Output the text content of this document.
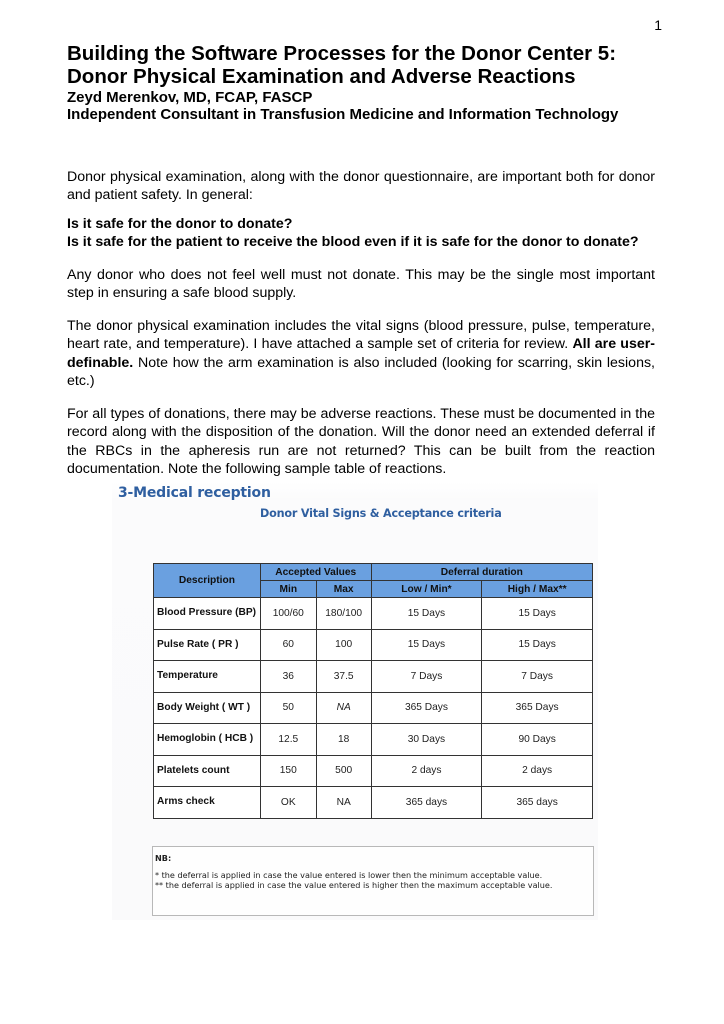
1
Building the Software Processes for the Donor Center 5:
Donor Physical Examination and Adverse Reactions

Zeyd Merenkov, MD, FCAP, FASCP

Independent Consultant in Transfusion Medicine and Information Technology

Donor physical examination, along with the donor questionnaire, are important both for donor and patient safety. In general:

Is it safe for the donor to donate?
Is it safe for the patient to receive the blood even if it is safe for the donor to donate?

Any donor who does not feel well must not donate. This may be the single most important step in ensuring a safe blood supply.

The donor physical examination includes the vital signs (blood pressure, pulse, temperature, heart rate, and temperature). I have attached a sample set of criteria for review. All are user-definable. Note how the arm examination is also included (looking for scarring, skin lesions, etc.)

For all types of donations, there may be adverse reactions. These must be documented in the record along with the disposition of the donation. Will the donor need an extended deferral if the RBCs in the apheresis run are not returned? This can be built from the reaction documentation. Note the following sample table of reactions.

3-Medical reception

Donor Vital Signs & Acceptance criteria

Description	Accepted Values		Deferral duration	
	Min	Max	Low / Min*	High / Max**
Blood Pressure (BP)	100/60	180/100	15 Days	15 Days
Pulse Rate ( PR )	60	100	15 Days	15 Days
Temperature	36	37.5	7 Days	7 Days
Body Weight ( WT )	50	NA	365 Days	365 Days
Hemoglobin ( HCB )	12.5	18	30 Days	90 Days
Platelets count	150	500	2 days	2 days
Arms check	OK	NA	365 days	365 days
NB:
* the deferral is applied in case the value entered is lower then the minimum acceptable value.
** the deferral is applied in case the value entered is higher then the maximum acceptable value.
